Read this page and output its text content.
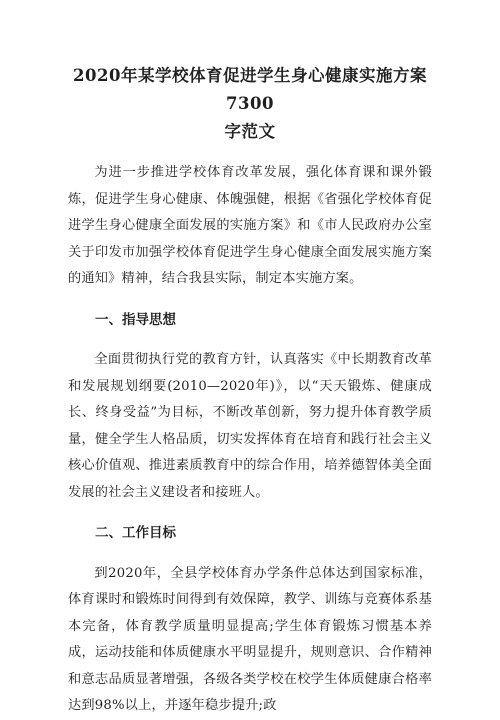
2020年某学校体育促进学生身心健康实施方案7300
字范文

为进一步推进学校体育改革发展，强化体育课和课外锻炼，促进学生身心健康、体魄强健，根据《省强化学校体育促进学生身心健康全面发展的实施方案》和《市人民政府办公室关于印发市加强学校体育促进学生身心健康全面发展实施方案的通知》精神，结合我县实际，制定本实施方案。

一、指导思想

全面贯彻执行党的教育方针，认真落实《中长期教育改革和发展规划纲要(2010—2020年)》，以“天天锻炼、健康成长、终身受益”为目标，不断改革创新，努力提升体育教学质量，健全学生人格品质，切实发挥体育在培育和践行社会主义核心价值观、推进素质教育中的综合作用，培养德智体美全面发展的社会主义建设者和接班人。

二、工作目标

到2020年，全县学校体育办学条件总体达到国家标准，体育课时和锻炼时间得到有效保障，教学、训练与竞赛体系基本完备，体育教学质量明显提高;学生体育锻炼习惯基本养成，运动技能和体质健康水平明显提升，规则意识、合作精神和意志品质显著增强，各级各类学校在校学生体质健康合格率达到98%以上，并逐年稳步提升;政
